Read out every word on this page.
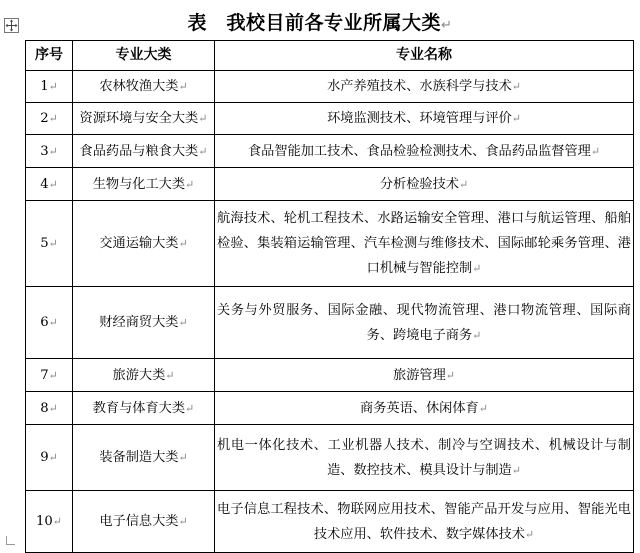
表　我校目前各专业所属大类↵
序号	专业大类	专业名称
1↵	农林牧渔大类↵	水产养殖技术、水族科学与技术↵
2↵	资源环境与安全大类↵	环境监测技术、环境管理与评价↵
3↵	食品药品与粮食大类↵	食品智能加工技术、食品检验检测技术、食品药品监督管理↵
4↵	生物与化工大类↵	分析检验技术↵
5↵	交通运输大类↵	航海技术、轮机工程技术、水路运输安全管理、港口与航运管理、船舶检验、集装箱运输管理、汽车检测与维修技术、国际邮轮乘务管理、港口机械与智能控制↵
6↵	财经商贸大类↵	关务与外贸服务、国际金融、现代物流管理、港口物流管理、国际商务、跨境电子商务↵
7↵	旅游大类↵	旅游管理↵
8↵	教育与体育大类↵	商务英语、休闲体育↵
9↵	装备制造大类↵	机电一体化技术、工业机器人技术、制冷与空调技术、机械设计与制造、数控技术、模具设计与制造↵
10↵	电子信息大类↵	电子信息工程技术、物联网应用技术、智能产品开发与应用、智能光电技术应用、软件技术、数字媒体技术↵
